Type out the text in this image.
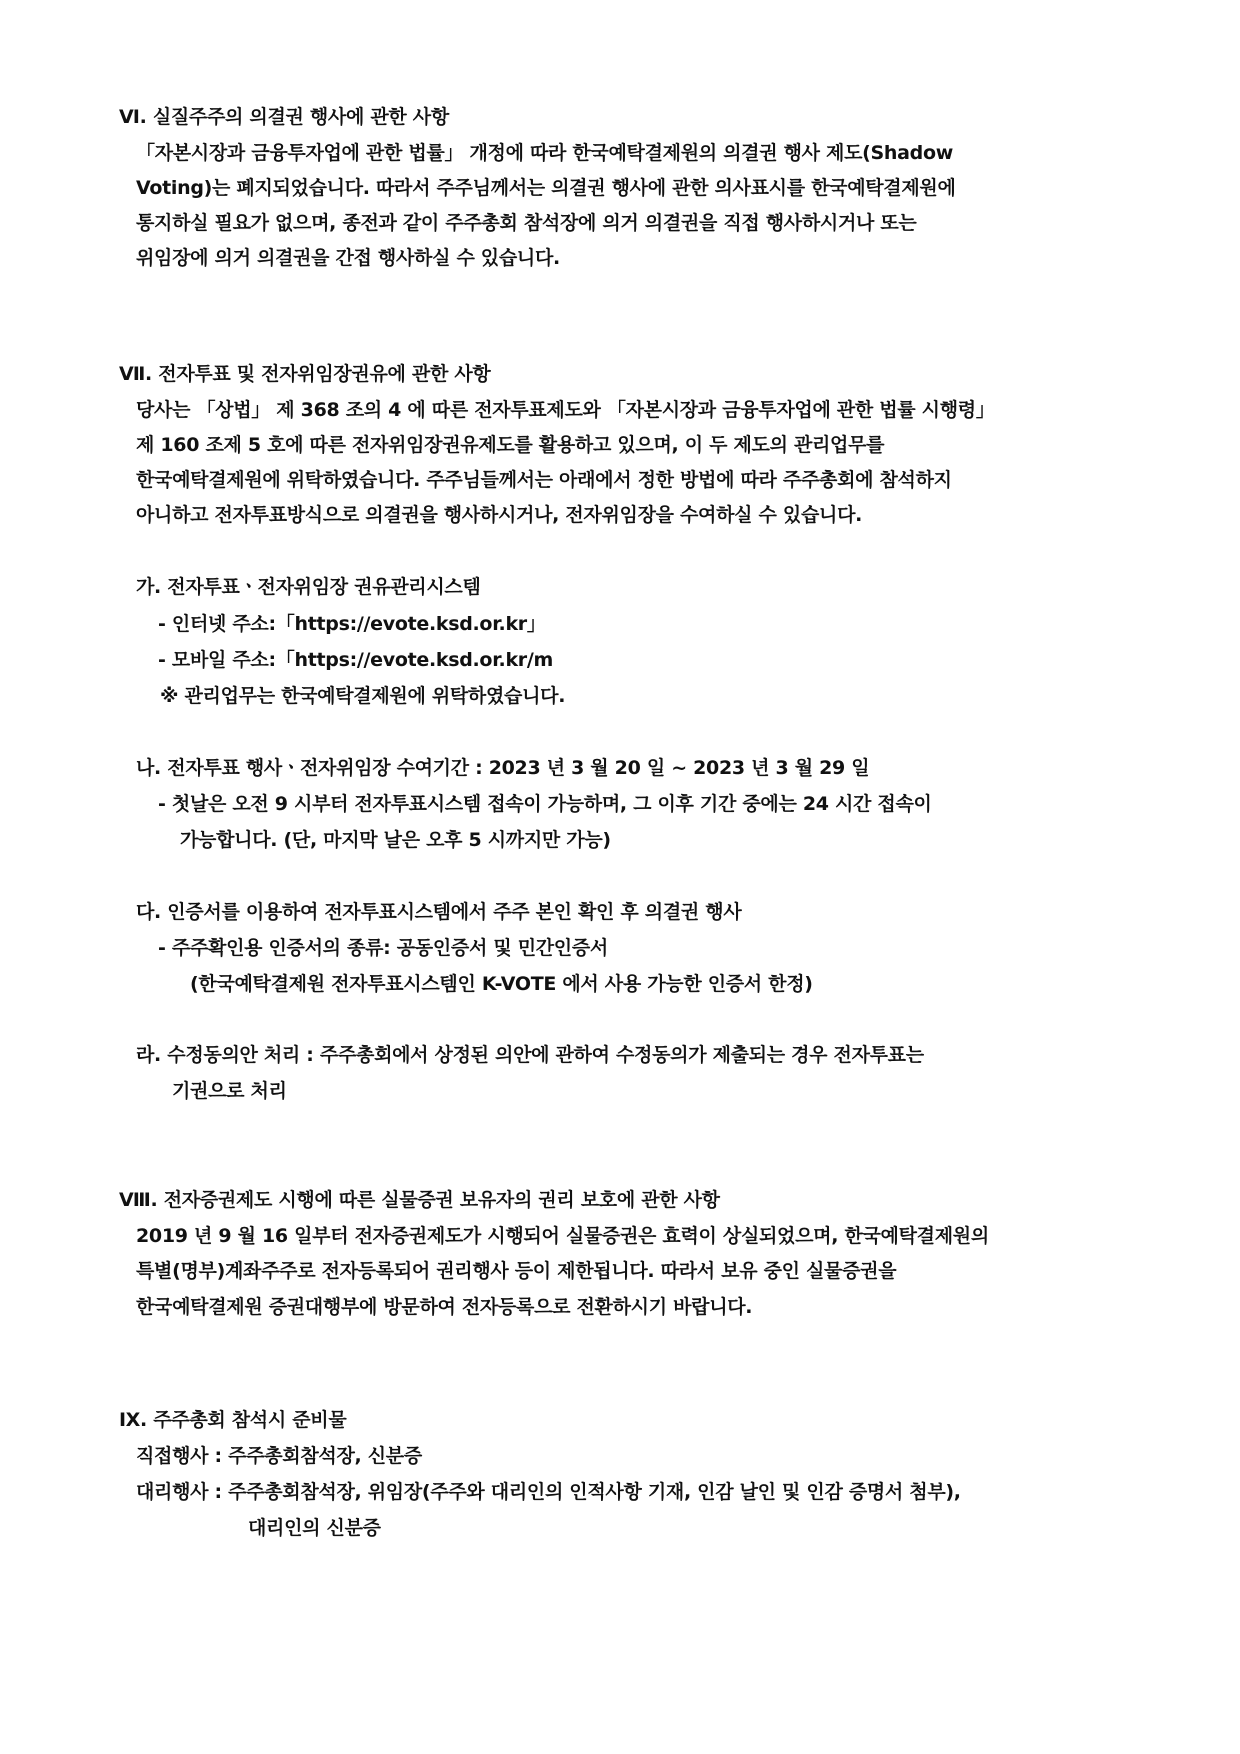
Ⅵ. 실질주주의 의결권 행사에 관한 사항
「자본시장과 금융투자업에 관한 법률」 개정에 따라 한국예탁결제원의 의결권 행사 제도(Shadow
Voting)는 폐지되었습니다. 따라서 주주님께서는 의결권 행사에 관한 의사표시를 한국예탁결제원에
통지하실 필요가 없으며, 종전과 같이 주주총회 참석장에 의거 의결권을 직접 행사하시거나 또는
위임장에 의거 의결권을 간접 행사하실 수 있습니다.
Ⅶ. 전자투표 및 전자위임장권유에 관한 사항
당사는 「상법」 제 368 조의 4 에 따른 전자투표제도와 「자본시장과 금융투자업에 관한 법률 시행령」
제 160 조제 5 호에 따른 전자위임장권유제도를 활용하고 있으며, 이 두 제도의 관리업무를
한국예탁결제원에 위탁하였습니다. 주주님들께서는 아래에서 정한 방법에 따라 주주총회에 참석하지
아니하고 전자투표방식으로 의결권을 행사하시거나, 전자위임장을 수여하실 수 있습니다.
가. 전자투표ㆍ전자위임장 권유관리시스템
- 인터넷 주소:「https://evote.ksd.or.kr」
- 모바일 주소:「https://evote.ksd.or.kr/m
※ 관리업무는 한국예탁결제원에 위탁하였습니다.
나. 전자투표 행사ㆍ전자위임장 수여기간 : 2023 년 3 월 20 일 ~ 2023 년 3 월 29 일
- 첫날은 오전 9 시부터 전자투표시스템 접속이 가능하며, 그 이후 기간 중에는 24 시간 접속이
가능합니다. (단, 마지막 날은 오후 5 시까지만 가능)
다. 인증서를 이용하여 전자투표시스템에서 주주 본인 확인 후 의결권 행사
- 주주확인용 인증서의 종류: 공동인증서 및 민간인증서
(한국예탁결제원 전자투표시스템인 K-VOTE 에서 사용 가능한 인증서 한정)
라. 수정동의안 처리 : 주주총회에서 상정된 의안에 관하여 수정동의가 제출되는 경우 전자투표는
기권으로 처리
Ⅷ. 전자증권제도 시행에 따른 실물증권 보유자의 권리 보호에 관한 사항
2019 년 9 월 16 일부터 전자증권제도가 시행되어 실물증권은 효력이 상실되었으며, 한국예탁결제원의
특별(명부)계좌주주로 전자등록되어 권리행사 등이 제한됩니다. 따라서 보유 중인 실물증권을
한국예탁결제원 증권대행부에 방문하여 전자등록으로 전환하시기 바랍니다.
Ⅸ. 주주총회 참석시 준비물
직접행사 : 주주총회참석장, 신분증
대리행사 : 주주총회참석장, 위임장(주주와 대리인의 인적사항 기재, 인감 날인 및 인감 증명서 첨부),
대리인의 신분증
